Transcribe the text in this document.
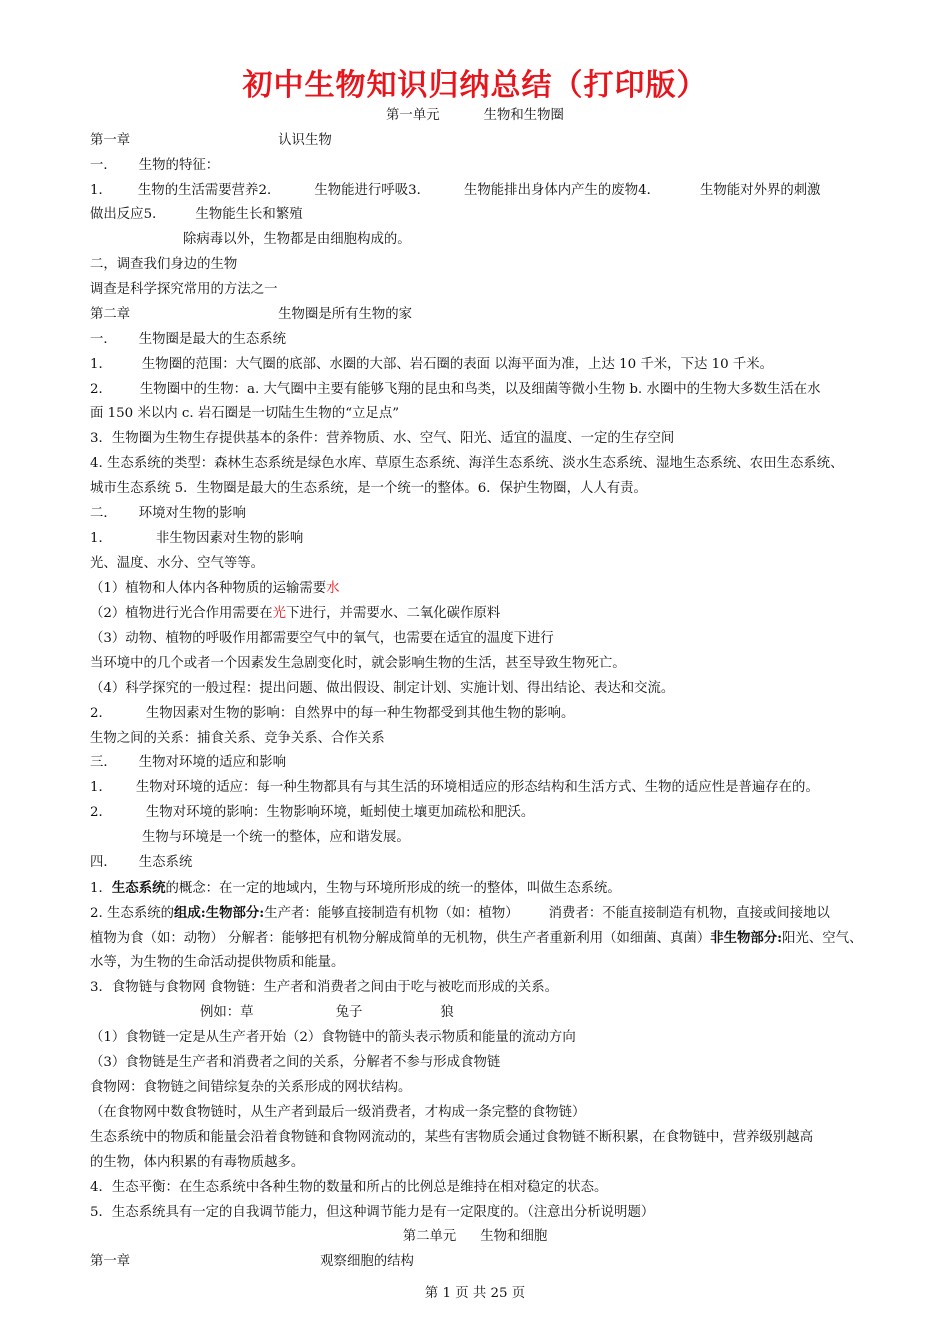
初中生物知识归纳总结（打印版）
第一单元	生物和生物圈
第一章	认识生物
一． 生物的特征：
1． 生物的生活需要营养2．	生物能进行呼吸3．	生物能排出身体内产生的废物4．	生物能对外界的刺激
做出反应5． 生物能生长和繁殖
除病毒以外，生物都是由细胞构成的。
二，调查我们身边的生物
调查是科学探究常用的方法之一
第二章	生物圈是所有生物的家
一． 生物圈是最大的生态系统
1． 生物圈的范围：大气圈的底部、水圈的大部、岩石圈的表面 以海平面为准，上达 10 千米，下达 10 千米。
2． 生物圈中的生物：a. 大气圈中主要有能够飞翔的昆虫和鸟类，以及细菌等微小生物 b. 水圈中的生物大多数生活在水
面 150 米以内 c. 岩石圈是一切陆生生物的“立足点”
3．生物圈为生物生存提供基本的条件：营养物质、水、空气、阳光、适宜的温度、一定的生存空间
4. 生态系统的类型：森林生态系统是绿色水库、草原生态系统、海洋生态系统、淡水生态系统、湿地生态系统、农田生态系统、
城市生态系统 5．生物圈是最大的生态系统，是一个统一的整体。6．保护生物圈，人人有责。
二． 环境对生物的影响
1．	非生物因素对生物的影响
光、温度、水分、空气等等。
（1）植物和人体内各种物质的运输需要水
（2）植物进行光合作用需要在光下进行，并需要水、二氧化碳作原料
（3）动物、植物的呼吸作用都需要空气中的氧气，也需要在适宜的温度下进行
当环境中的几个或者一个因素发生急剧变化时，就会影响生物的生活，甚至导致生物死亡。
（4）科学探究的一般过程：提出问题、做出假设、制定计划、实施计划、得出结论、表达和交流。
2．	生物因素对生物的影响：自然界中的每一种生物都受到其他生物的影响。
生物之间的关系：捕食关系、竞争关系、合作关系
三． 生物对环境的适应和影响
1． 生物对环境的适应：每一种生物都具有与其生活的环境相适应的形态结构和生活方式、生物的适应性是普遍存在的。
2．	生物对环境的影响：生物影响环境，蚯蚓使土壤更加疏松和肥沃。
生物与环境是一个统一的整体，应和谐发展。
四． 生态系统
1．生态系统的概念：在一定的地域内，生物与环境所形成的统一的整体，叫做生态系统。
2. 生态系统的组成:生物部分:生产者：能够直接制造有机物（如：植物） 消费者：不能直接制造有机物，直接或间接地以
植物为食（如：动物） 分解者：能够把有机物分解成简单的无机物，供生产者重新利用（如细菌、真菌）非生物部分:阳光、空气、
水等，为生物的生命活动提供物质和能量。
3．食物链与食物网 食物链：生产者和消费者之间由于吃与被吃而形成的关系。
例如：草	兔子	狼
（1）食物链一定是从生产者开始（2）食物链中的箭头表示物质和能量的流动方向
（3）食物链是生产者和消费者之间的关系，分解者不参与形成食物链
食物网：食物链之间错综复杂的关系形成的网状结构。
（在食物网中数食物链时，从生产者到最后一级消费者，才构成一条完整的食物链）
生态系统中的物质和能量会沿着食物链和食物网流动的，某些有害物质会通过食物链不断积累，在食物链中，营养级别越高
的生物，体内积累的有毒物质越多。
4．生态平衡：在生态系统中各种生物的数量和所占的比例总是维持在相对稳定的状态。
5．生态系统具有一定的自我调节能力，但这种调节能力是有一定限度的。（注意出分析说明题）
第二单元 生物和细胞
第一章	观察细胞的结构
第 1 页 共 25 页
